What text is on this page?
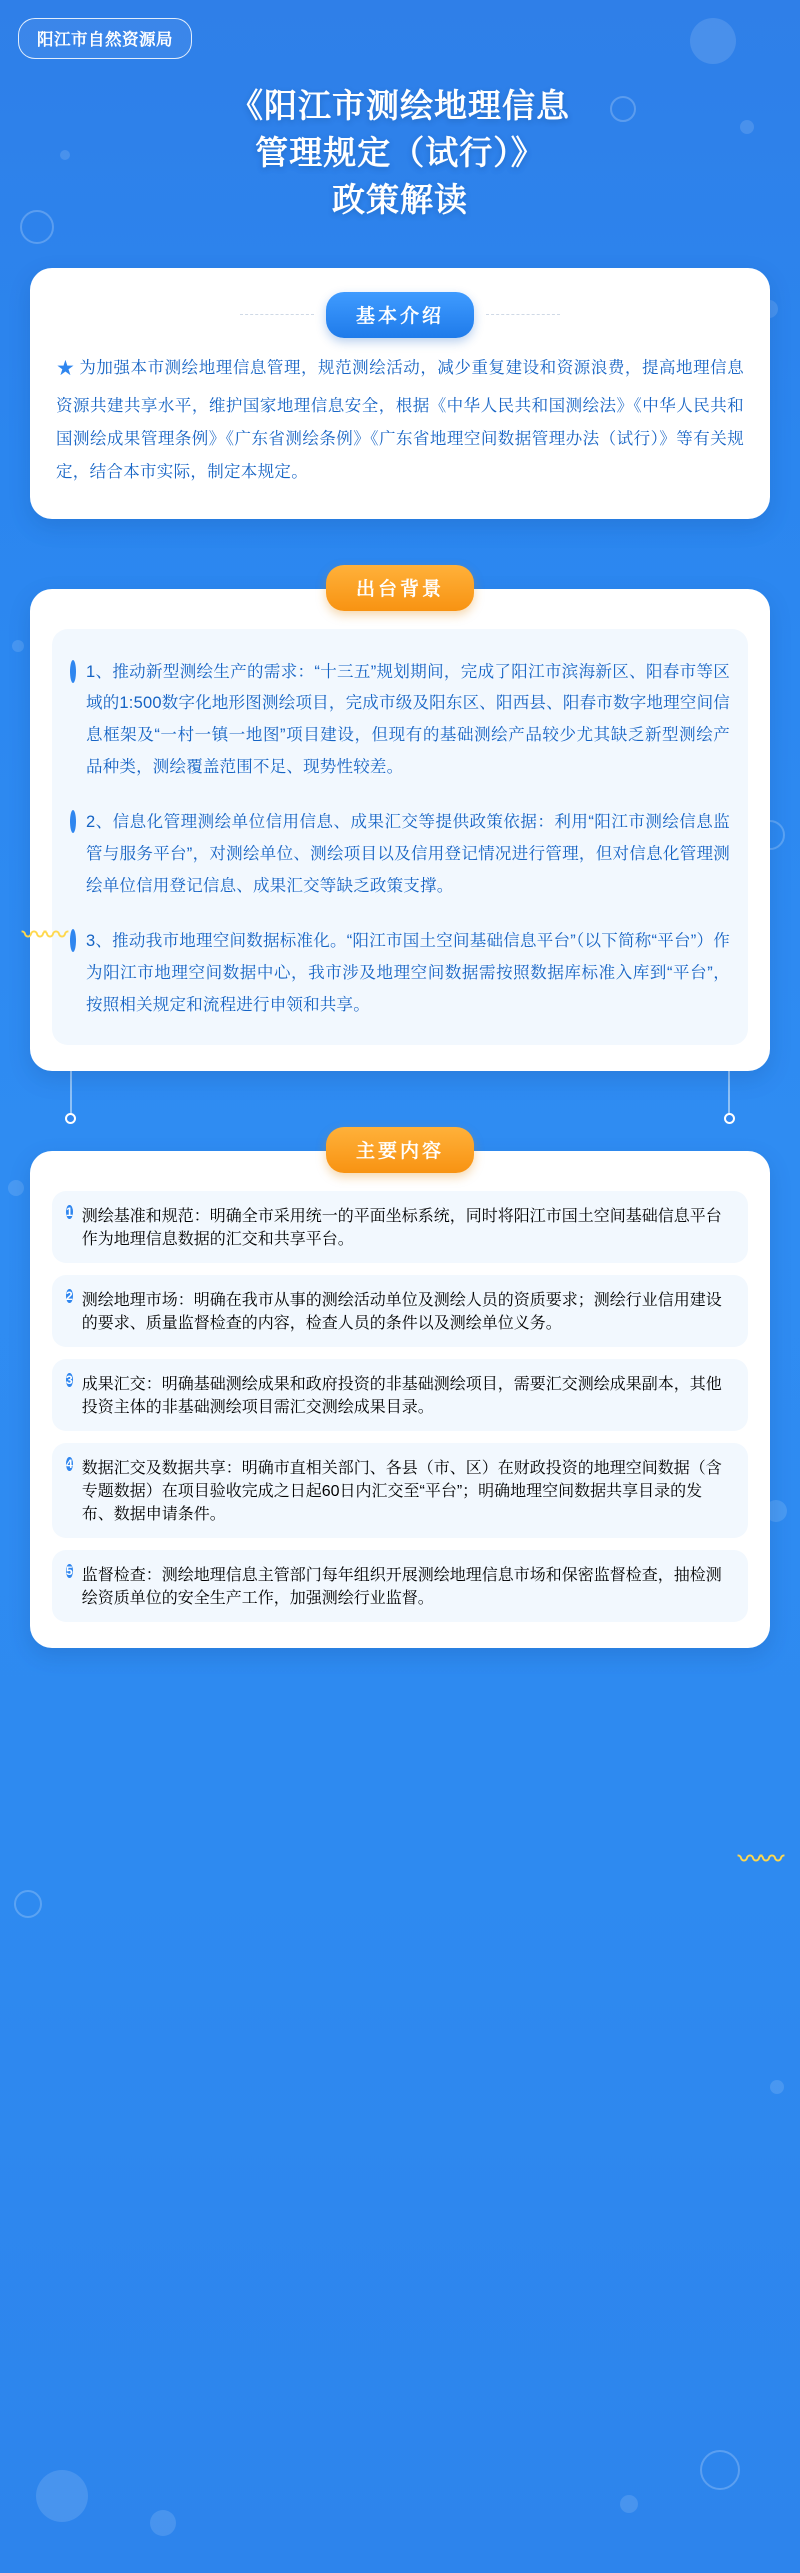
〰〰
〰〰
阳江市自然资源局
《阳江市测绘地理信息
管理规定（试行）》
政策解读
基本介绍
★ 为加强本市测绘地理信息管理，规范测绘活动，减少重复建设和资源浪费，提高地理信息资源共建共享水平，维护国家地理信息安全，根据《中华人民共和国测绘法》《中华人民共和国测绘成果管理条例》《广东省测绘条例》《广东省地理空间数据管理办法（试行）》等有关规定，结合本市实际，制定本规定。
出台背景
1、推动新型测绘生产的需求：“十三五”规划期间，完成了阳江市滨海新区、阳春市等区域的1:500数字化地形图测绘项目，完成市级及阳东区、阳西县、阳春市数字地理空间信息框架及“一村一镇一地图”项目建设，但现有的基础测绘产品较少尤其缺乏新型测绘产品种类，测绘覆盖范围不足、现势性较差。
2、信息化管理测绘单位信用信息、成果汇交等提供政策依据：利用“阳江市测绘信息监管与服务平台”，对测绘单位、测绘项目以及信用登记情况进行管理，但对信息化管理测绘单位信用登记信息、成果汇交等缺乏政策支撑。
3、推动我市地理空间数据标准化。“阳江市国土空间基础信息平台”（以下简称“平台”）作为阳江市地理空间数据中心，我市涉及地理空间数据需按照数据库标准入库到“平台”，按照相关规定和流程进行申领和共享。
主要内容
1 测绘基准和规范：明确全市采用统一的平面坐标系统，同时将阳江市国土空间基础信息平台作为地理信息数据的汇交和共享平台。
2 测绘地理市场：明确在我市从事的测绘活动单位及测绘人员的资质要求；测绘行业信用建设的要求、质量监督检查的内容，检查人员的条件以及测绘单位义务。
3 成果汇交：明确基础测绘成果和政府投资的非基础测绘项目，需要汇交测绘成果副本，其他投资主体的非基础测绘项目需汇交测绘成果目录。
4 数据汇交及数据共享：明确市直相关部门、各县（市、区）在财政投资的地理空间数据（含专题数据）在项目验收完成之日起60日内汇交至“平台”；明确地理空间数据共享目录的发布、数据申请条件。
5 监督检查：测绘地理信息主管部门每年组织开展测绘地理信息市场和保密监督检查，抽检测绘资质单位的安全生产工作，加强测绘行业监督。
